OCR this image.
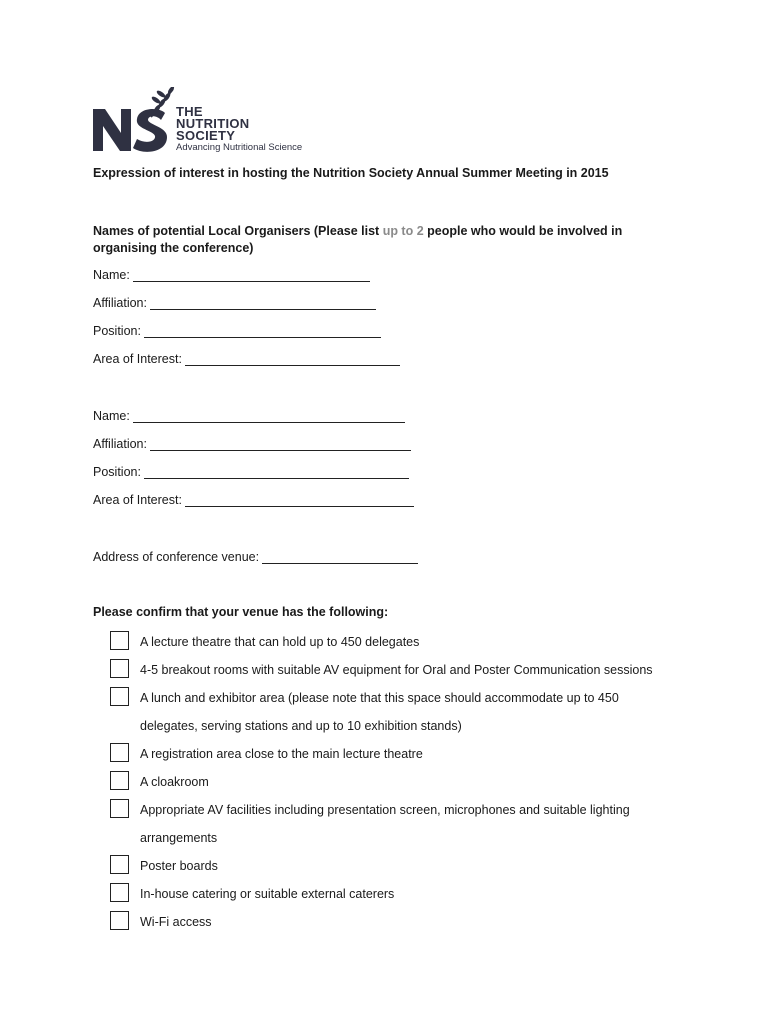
THE
NUTRITION
SOCIETY
Advancing Nutritional Science
Expression of interest in hosting the Nutrition Society Annual Summer Meeting in 2015
Names of potential Local Organisers (Please list up to 2 people who would be involved in organising the conference)
Name:
Affiliation:
Position:
Area of Interest:
Name:
Affiliation:
Position:
Area of Interest:
Address of conference venue:
Please confirm that your venue has the following:
A lecture theatre that can hold up to 450 delegates
4-5 breakout rooms with suitable AV equipment for Oral and Poster Communication sessions
A lunch and exhibitor area (please note that this space should accommodate up to 450
delegates, serving stations and up to 10 exhibition stands)
A registration area close to the main lecture theatre
A cloakroom
Appropriate AV facilities including presentation screen, microphones and suitable lighting
arrangements
Poster boards
In-house catering or suitable external caterers
Wi-Fi access
